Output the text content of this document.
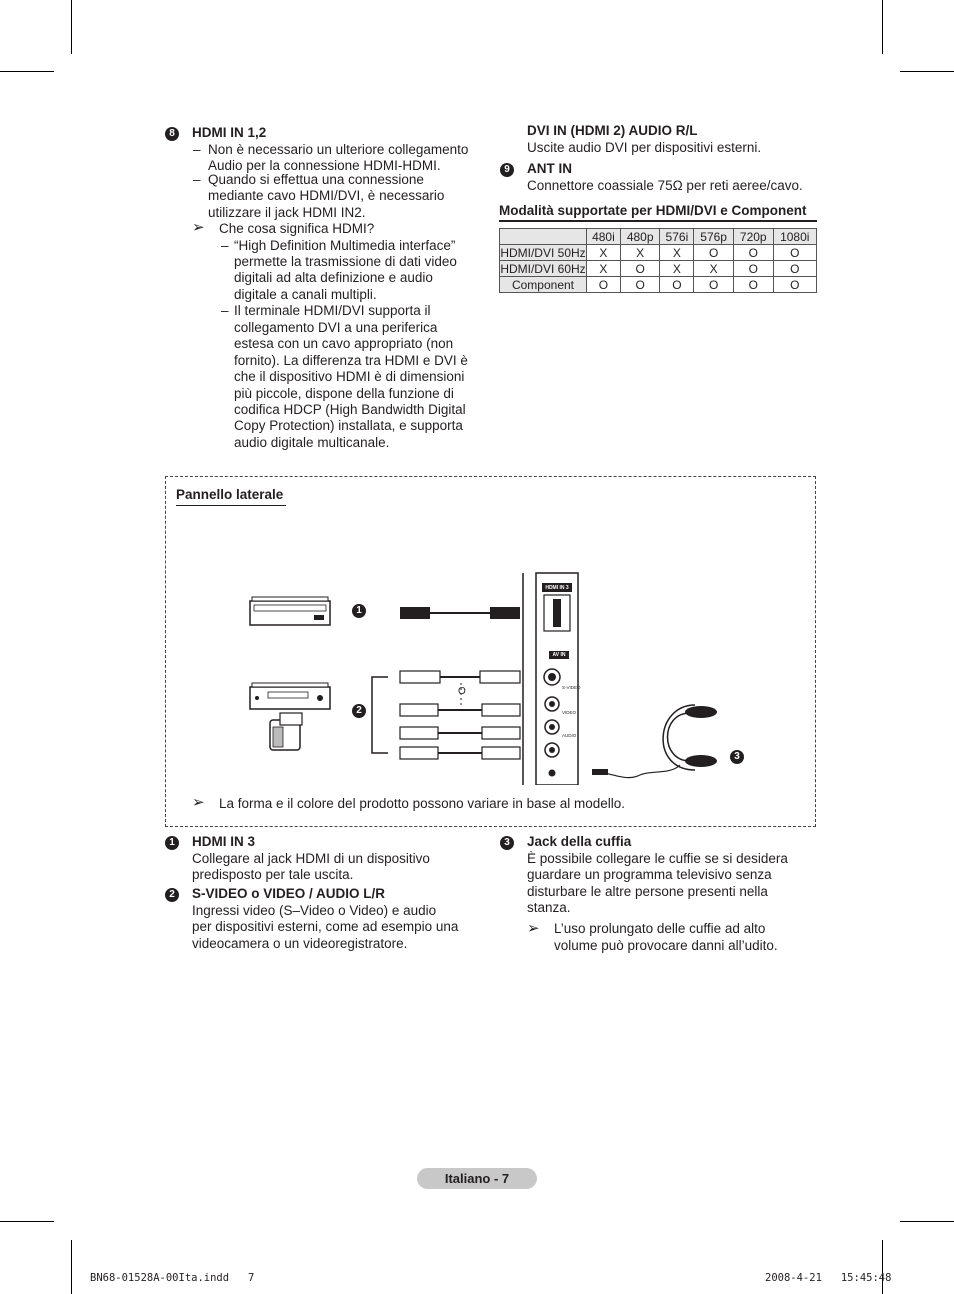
8	HDMI IN 1,2
– Non è necessario un ulteriore collegamento
Audio per la connessione HDMI-HDMI.
– Quando si effettua una connessione
mediante cavo HDMI/DVI, è necessario
utilizzare il jack HDMI IN2.
➢ Che cosa significa HDMI?
– “High Definition Multimedia interface”
permette la trasmissione di dati video
digitali ad alta definizione e audio
digitale a canali multipli.
– Il terminale HDMI/DVI supporta il
collegamento DVI a una periferica
estesa con un cavo appropriato (non
fornito). La differenza tra HDMI e DVI è
che il dispositivo HDMI è di dimensioni
più piccole, dispone della funzione di
codifica HDCP (High Bandwidth Digital
Copy Protection) installata, e supporta
audio digitale multicanale.
DVI IN (HDMI 2) AUDIO R/L
Uscite audio DVI per dispositivi esterni.
9	ANT IN
Connettore coassiale 75Ω per reti aeree/cavo.
Modalità supportate per HDMI/DVI e Component
	480i	480p	576i	576p	720p	1080i
HDMI/DVI 50Hz	X	X	X	O	O	O
HDMI/DVI 60Hz	X	O	X	X	O	O
Component	O	O	O	O	O	O
Pannello laterale
HDMI IN 3
AV IN
S-VIDEO
VIDEO
AUDIO
O
1
2
3
➢ La forma e il colore del prodotto possono variare in base al modello.
1	HDMI IN 3
Collegare al jack HDMI di un dispositivo
predisposto per tale uscita.
2	S-VIDEO o VIDEO / AUDIO L/R
Ingressi video (S–Video o Video) e audio
per dispositivi esterni, come ad esempio una
videocamera o un videoregistratore.
3	Jack della cuffia
È possibile collegare le cuffie se si desidera
guardare un programma televisivo senza
disturbare le altre persone presenti nella
stanza.
➢ L’uso prolungato delle cuffie ad alto
volume può provocare danni all’udito.
Italiano - 7
BN68-01528A-00Ita.indd   7	2008-4-21   15:45:48
